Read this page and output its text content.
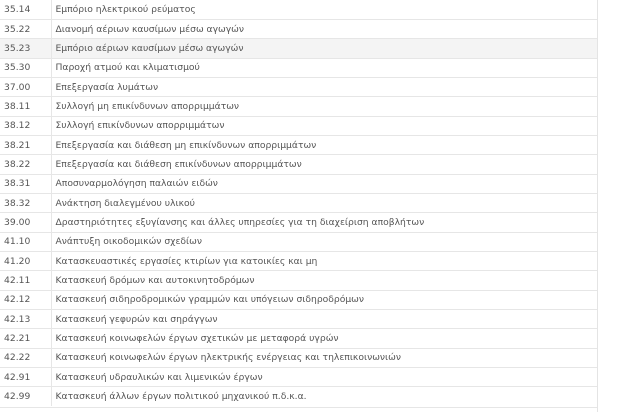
35.14	Εμπόριο ηλεκτρικού ρεύματος
35.22	Διανομή αέριων καυσίμων μέσω αγωγών
35.23	Εμπόριο αέριων καυσίμων μέσω αγωγών
35.30	Παροχή ατμού και κλιματισμού
37.00	Επεξεργασία λυμάτων
38.11	Συλλογή μη επικίνδυνων απορριμμάτων
38.12	Συλλογή επικίνδυνων απορριμμάτων
38.21	Επεξεργασία και διάθεση μη επικίνδυνων απορριμμάτων
38.22	Επεξεργασία και διάθεση επικίνδυνων απορριμμάτων
38.31	Αποσυναρμολόγηση παλαιών ειδών
38.32	Ανάκτηση διαλεγμένου υλικού
39.00	Δραστηριότητες εξυγίανσης και άλλες υπηρεσίες για τη διαχείριση αποβλήτων
41.10	Ανάπτυξη οικοδομικών σχεδίων
41.20	Κατασκευαστικές εργασίες κτιρίων για κατοικίες και μη
42.11	Κατασκευή δρόμων και αυτοκινητοδρόμων
42.12	Κατασκευή σιδηροδρομικών γραμμών και υπόγειων σιδηροδρόμων
42.13	Κατασκευή γεφυρών και σηράγγων
42.21	Κατασκευή κοινωφελών έργων σχετικών με μεταφορά υγρών
42.22	Κατασκευή κοινωφελών έργων ηλεκτρικής ενέργειας και τηλεπικοινωνιών
42.91	Κατασκευή υδραυλικών και λιμενικών έργων
42.99	Κατασκευή άλλων έργων πολιτικού μηχανικού π.δ.κ.α.
